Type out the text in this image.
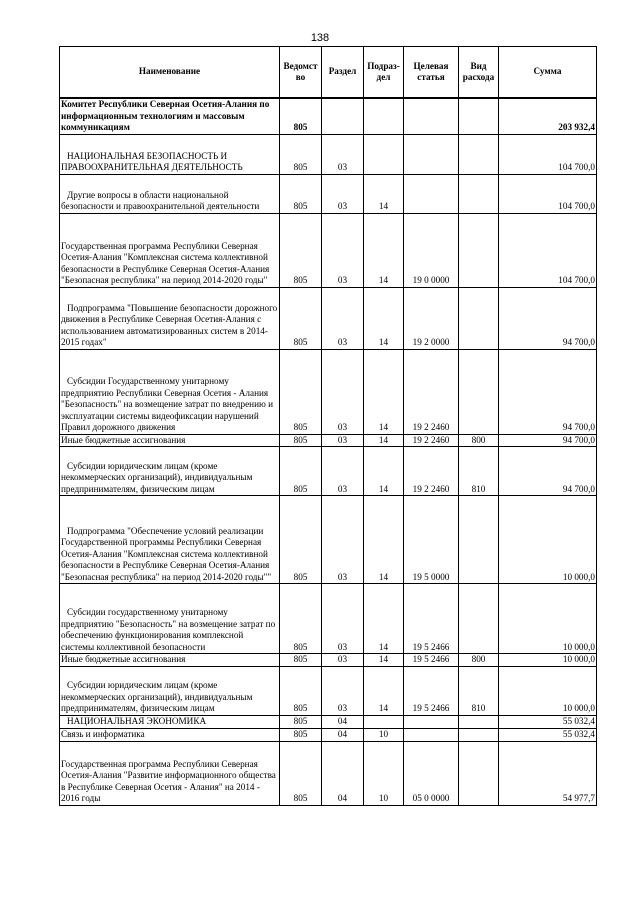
138
Наименование	Ведомст во	Раздел	Подраз- дел	Целевая статья	Вид расхода	Сумма
Комитет Республики Северная Осетия-Алания по информационным технологиям и массовым коммуникациям	805					203 932,4
НАЦИОНАЛЬНАЯ БЕЗОПАСНОСТЬ И ПРАВООХРАНИТЕЛЬНАЯ ДЕЯТЕЛЬНОСТЬ	805	03				104 700,0
Другие вопросы в области национальной безопасности и правоохранительной деятельности	805	03	14			104 700,0
Государственная программа Республики Северная Осетия-Алания "Комплексная система коллективной безопасности в Республике Северная Осетия-Алания "Безопасная республика" на период 2014-2020 годы"	805	03	14	19 0 0000		104 700,0
Подпрограмма "Повышение безопасности дорожного движения в Республике Северная Осетия-Алания с использованием автоматизированных систем в 2014-2015 годах"	805	03	14	19 2 0000		94 700,0
Субсидии Государственному унитарному предприятию Республики Северная Осетия - Алания "Безопасность" на возмещение затрат по внедрению и эксплуатации системы видеофиксации нарушений Правил дорожного движения	805	03	14	19 2 2460		94 700,0
Иные бюджетные ассигнования	805	03	14	19 2 2460	800	94 700,0
Субсидии юридическим лицам (кроме некоммерческих организаций), индивидуальным предпринимателям, физическим лицам	805	03	14	19 2 2460	810	94 700,0
Подпрограмма "Обеспечение условий реализации Государственной программы Республики Северная Осетия-Алания "Комплексная система коллективной безопасности в Республике Северная Осетия-Алания "Безопасная республика" на период 2014-2020 годы""	805	03	14	19 5 0000		10 000,0
Субсидии государственному унитарному предприятию "Безопасность" на возмещение затрат по обеспечению функционирования комплексной системы коллективной безопасности	805	03	14	19 5 2466		10 000,0
Иные бюджетные ассигнования	805	03	14	19 5 2466	800	10 000,0
Субсидии юридическим лицам (кроме некоммерческих организаций), индивидуальным предпринимателям, физическим лицам	805	03	14	19 5 2466	810	10 000,0
НАЦИОНАЛЬНАЯ ЭКОНОМИКА	805	04				55 032,4
Связь и информатика	805	04	10			55 032,4
Государственная программа Республики Северная Осетия-Алания "Развитие информационного общества в Республике Северная Осетия - Алания" на 2014 - 2016 годы	805	04	10	05 0 0000		54 977,7
